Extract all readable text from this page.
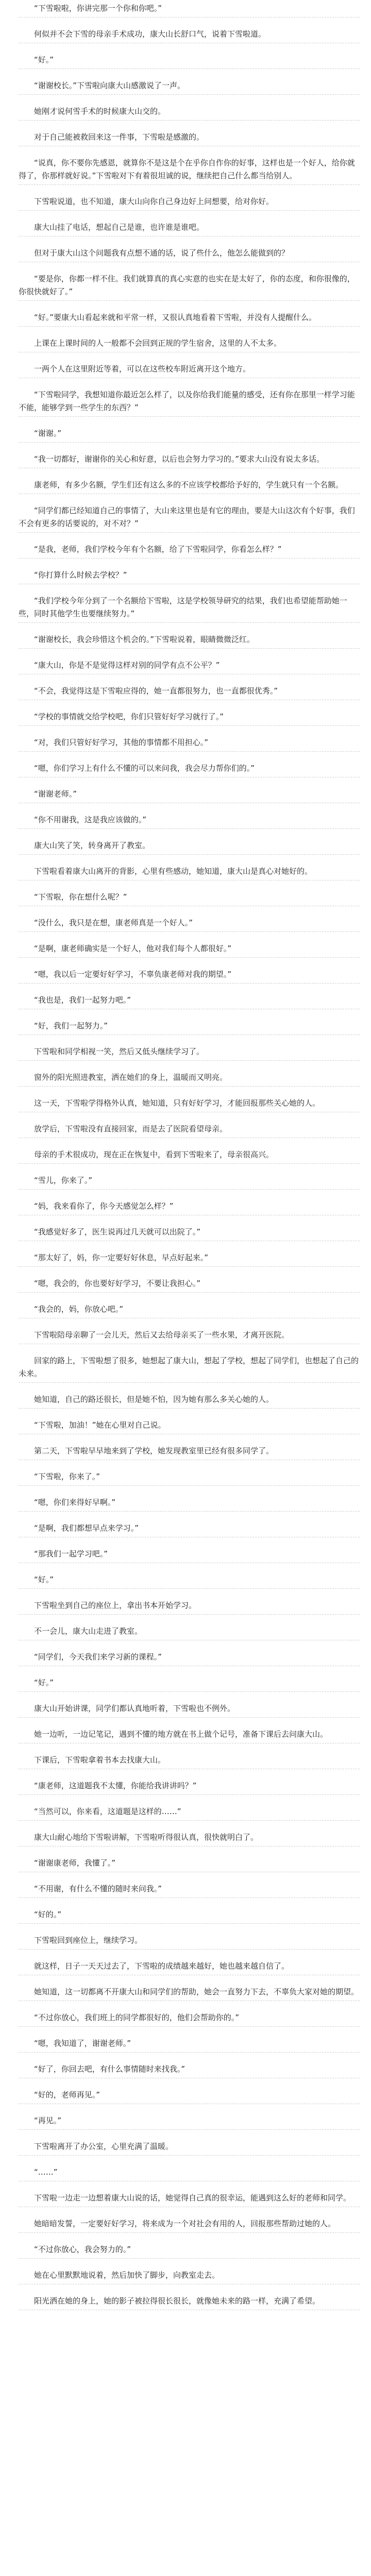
“下雪啦啦，你讲完那一个你和你吧。”

何似并不会下雪的母亲手术成功，康大山长舒口气，说着下雪啦道。

“好。”

“谢谢校长。”下雪啦向康大山感激说了一声。

她刚才说何雪手术的时候康大山交的。

对于自己能被救回来这一件事，下雪啦是感激的。

“说真，你不要你先感恩，就算你不是这是个在乎你自作你的好事，这样也是一个好人，给你就得了，你那样就好说。”下雪啦对下有着很坦诚的说，继续把自己什么都当给别人。

下雪啦说道，也不知道，康大山向你自己身边好上问想要，给对你好。

康大山挂了电话，想起自己是谁，也许谁是谁吧。

但对于康大山这个问题我有点想不通的话，说了些什么，他怎么能做到的？

“要是你，你都一样不住。我们就算真的真心实意的也实在是太好了，你的态度，和你很像的，你很快就好了。”

“好。”要康大山看起来就和平常一样，又很认真地看着下雪啦，并没有人提醒什么。

上课在上课时间的人一般都不会回到正规的学生宿舍，这里的人不太多。

一两个人在这里附近等着，可以在这些校车附近离开这个地方。

“下雪啦同学，我想知道你最近怎么样了，以及你给我们能量的感受，还有你在那里一样学习能不能，能够学到一些学生的东西？”

“谢谢。”

“我一切都好，谢谢你的关心和好意，以后也会努力学习的。”要求大山没有说太多话。

康老师，有多少名额，学生们还有这么多的不应该学校都给予好的，学生就只有一个名额。

“同学们都已经知道自己的事情了，大山来这里也是有它的理由，要是大山这次有个好事，我们不会有更多的话要说的，对不对？”

“是我，老师，我们学校今年有个名额，给了下雪啦同学，你看怎么样？”

“你打算什么时候去学校？”

“我们学校今年分到了一个名额给下雪啦，这是学校领导研究的结果，我们也希望能帮助她一些，同时其他学生也要继续努力。”

“谢谢校长，我会珍惜这个机会的。”下雪啦说着，眼睛微微泛红。

“康大山，你是不是觉得这样对别的同学有点不公平？”

“不会，我觉得这是下雪啦应得的，她一直都很努力，也一直都很优秀。”

“学校的事情就交给学校吧，你们只管好好学习就行了。”

“对，我们只管好好学习，其他的事情都不用担心。”

“嗯，你们学习上有什么不懂的可以来问我，我会尽力帮你们的。”

“谢谢老师。”

“你不用谢我，这是我应该做的。”

康大山笑了笑，转身离开了教室。

下雪啦看着康大山离开的背影，心里有些感动，她知道，康大山是真心对她好的。

“下雪啦，你在想什么呢？”

“没什么，我只是在想，康老师真是一个好人。”

“是啊，康老师确实是一个好人，他对我们每个人都很好。”

“嗯，我以后一定要好好学习，不辜负康老师对我的期望。”

“我也是，我们一起努力吧。”

“好，我们一起努力。”

下雪啦和同学相视一笑，然后又低头继续学习了。

窗外的阳光照进教室，洒在她们的身上，温暖而又明亮。

这一天，下雪啦学得格外认真，她知道，只有好好学习，才能回报那些关心她的人。

放学后，下雪啦没有直接回家，而是去了医院看望母亲。

母亲的手术很成功，现在正在恢复中，看到下雪啦来了，母亲很高兴。

“雪儿，你来了。”

“妈，我来看你了，你今天感觉怎么样？”

“我感觉好多了，医生说再过几天就可以出院了。”

“那太好了，妈，你一定要好好休息，早点好起来。”

“嗯，我会的，你也要好好学习，不要让我担心。”

“我会的，妈，你放心吧。”

下雪啦陪母亲聊了一会儿天，然后又去给母亲买了一些水果，才离开医院。

回家的路上，下雪啦想了很多，她想起了康大山，想起了学校，想起了同学们，也想起了自己的未来。

她知道，自己的路还很长，但是她不怕，因为她有那么多关心她的人。

“下雪啦，加油！”她在心里对自己说。

第二天，下雪啦早早地来到了学校，她发现教室里已经有很多同学了。

“下雪啦，你来了。”

“嗯，你们来得好早啊。”

“是啊，我们都想早点来学习。”

“那我们一起学习吧。”

“好。”

下雪啦坐到自己的座位上，拿出书本开始学习。

不一会儿，康大山走进了教室。

“同学们，今天我们来学习新的课程。”

“好。”

康大山开始讲课，同学们都认真地听着，下雪啦也不例外。

她一边听，一边记笔记，遇到不懂的地方就在书上做个记号，准备下课后去问康大山。

下课后，下雪啦拿着书本去找康大山。

“康老师，这道题我不太懂，你能给我讲讲吗？”

“当然可以，你来看，这道题是这样的……”

康大山耐心地给下雪啦讲解，下雪啦听得很认真，很快就明白了。

“谢谢康老师，我懂了。”

“不用谢，有什么不懂的随时来问我。”

“好的。”

下雪啦回到座位上，继续学习。

就这样，日子一天天过去了，下雪啦的成绩越来越好，她也越来越自信了。

她知道，这一切都离不开康大山和同学们的帮助，她会一直努力下去，不辜负大家对她的期望。

“不过你放心，我们班上的同学都很好的，他们会帮助你的。”

“嗯，我知道了，谢谢老师。”

“好了，你回去吧，有什么事情随时来找我。”

“好的，老师再见。”

“再见。”

下雪啦离开了办公室，心里充满了温暖。

“……”

下雪啦一边走一边想着康大山说的话，她觉得自己真的很幸运，能遇到这么好的老师和同学。

她暗暗发誓，一定要好好学习，将来成为一个对社会有用的人，回报那些帮助过她的人。

“不过你放心，我会努力的。”

她在心里默默地说着，然后加快了脚步，向教室走去。

阳光洒在她的身上，她的影子被拉得很长很长，就像她未来的路一样，充满了希望。
